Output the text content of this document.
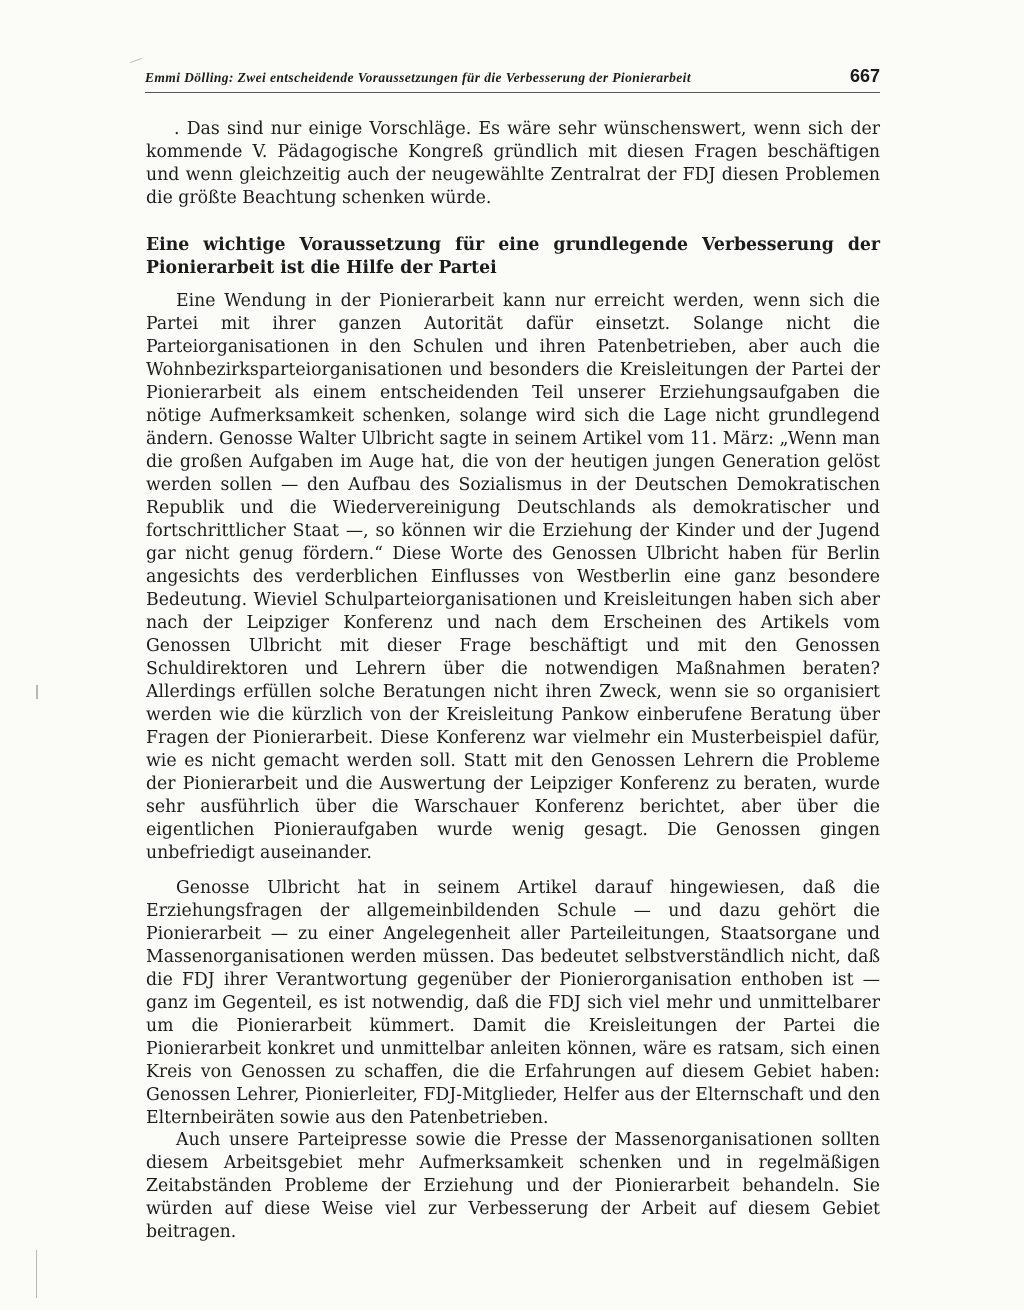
Emmi Dölling: Zwei entscheidende Voraussetzungen für die Verbesserung der Pionierarbeit	667

. Das sind nur einige Vorschläge. Es wäre sehr wünschenswert, wenn sich der kommende V. Pädagogische Kongreß gründlich mit diesen Fragen beschäftigen und wenn gleichzeitig auch der neugewählte Zentralrat der FDJ diesen Problemen die größte Beachtung schenken würde.

Eine wichtige Voraussetzung für eine grundlegende Verbesserung der Pionierarbeit ist die Hilfe der Partei

Eine Wendung in der Pionierarbeit kann nur erreicht werden, wenn sich die Partei mit ihrer ganzen Autorität dafür einsetzt. Solange nicht die Parteiorganisationen in den Schulen und ihren Patenbetrieben, aber auch die Wohnbezirksparteiorganisationen und besonders die Kreisleitungen der Partei der Pionierarbeit als einem entscheidenden Teil unserer Erziehungsaufgaben die nötige Aufmerksamkeit schenken, solange wird sich die Lage nicht grundlegend ändern. Genosse Walter Ulbricht sagte in seinem Artikel vom 11. März: „Wenn man die großen Aufgaben im Auge hat, die von der heutigen jungen Generation gelöst werden sollen — den Aufbau des Sozialismus in der Deutschen Demokratischen Republik und die Wiedervereinigung Deutschlands als demokratischer und fortschrittlicher Staat —, so können wir die Erziehung der Kinder und der Jugend gar nicht genug fördern.“ Diese Worte des Genossen Ulbricht haben für Berlin angesichts des verderblichen Einflusses von Westberlin eine ganz besondere Bedeutung. Wieviel Schulparteiorganisationen und Kreisleitungen haben sich aber nach der Leipziger Konferenz und nach dem Erscheinen des Artikels vom Genossen Ulbricht mit dieser Frage beschäftigt und mit den Genossen Schuldirektoren und Lehrern über die notwendigen Maßnahmen beraten? Allerdings erfüllen solche Beratungen nicht ihren Zweck, wenn sie so organisiert werden wie die kürzlich von der Kreisleitung Pankow einberufene Beratung über Fragen der Pionierarbeit. Diese Konferenz war vielmehr ein Musterbeispiel dafür, wie es nicht gemacht werden soll. Statt mit den Genossen Lehrern die Probleme der Pionierarbeit und die Auswertung der Leipziger Konferenz zu beraten, wurde sehr ausführlich über die Warschauer Konferenz berichtet, aber über die eigentlichen Pionieraufgaben wurde wenig gesagt. Die Genossen gingen unbefriedigt auseinander.

Genosse Ulbricht hat in seinem Artikel darauf hingewiesen, daß die Erziehungsfragen der allgemeinbildenden Schule — und dazu gehört die Pionierarbeit — zu einer Angelegenheit aller Parteileitungen, Staatsorgane und Massenorganisationen werden müssen. Das bedeutet selbstverständlich nicht, daß die FDJ ihrer Verantwortung gegenüber der Pionierorganisation enthoben ist — ganz im Gegenteil, es ist notwendig, daß die FDJ sich viel mehr und unmittelbarer um die Pionierarbeit kümmert. Damit die Kreisleitungen der Partei die Pionierarbeit konkret und unmittelbar anleiten können, wäre es ratsam, sich einen Kreis von Genossen zu schaffen, die die Erfahrungen auf diesem Gebiet haben: Genossen Lehrer, Pionierleiter, FDJ-Mitglieder, Helfer aus der Elternschaft und den Elternbeiräten sowie aus den Patenbetrieben.

Auch unsere Parteipresse sowie die Presse der Massenorganisationen sollten diesem Arbeitsgebiet mehr Aufmerksamkeit schenken und in regelmäßigen Zeitabständen Probleme der Erziehung und der Pionierarbeit behandeln. Sie würden auf diese Weise viel zur Verbesserung der Arbeit auf diesem Gebiet beitragen.
